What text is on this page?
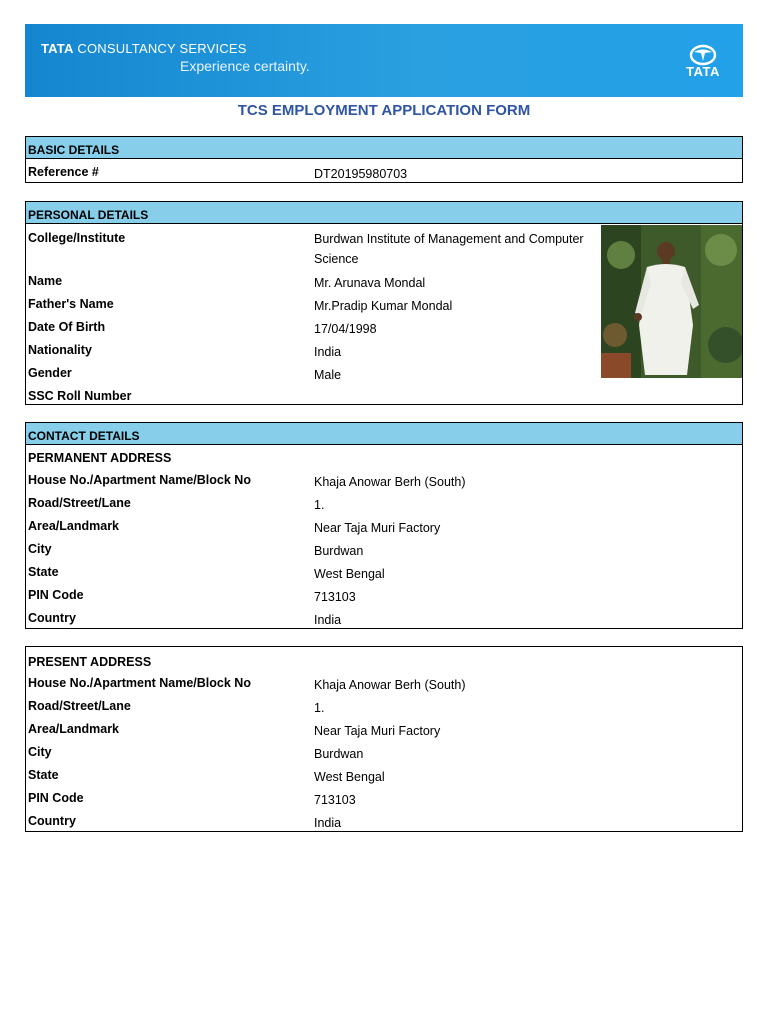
TATA CONSULTANCY SERVICES
Experience certainty.	TATA
TCS EMPLOYMENT APPLICATION FORM
BASIC DETAILS
Reference #	DT20195980703
PERSONAL DETAILS
College/Institute	Burdwan Institute of Management and Computer
Science
Name	Mr. Arunava Mondal
Father's Name	Mr.Pradip Kumar Mondal
Date Of Birth	17/04/1998
Nationality	India
Gender	Male
SSC Roll Number
CONTACT DETAILS
PERMANENT ADDRESS
House No./Apartment Name/Block No	Khaja Anowar Berh (South)
Road/Street/Lane	1.
Area/Landmark	Near Taja Muri Factory
City	Burdwan
State	West Bengal
PIN Code	713103
Country	India
PRESENT ADDRESS
House No./Apartment Name/Block No	Khaja Anowar Berh (South)
Road/Street/Lane	1.
Area/Landmark	Near Taja Muri Factory
City	Burdwan
State	West Bengal
PIN Code	713103
Country	India
